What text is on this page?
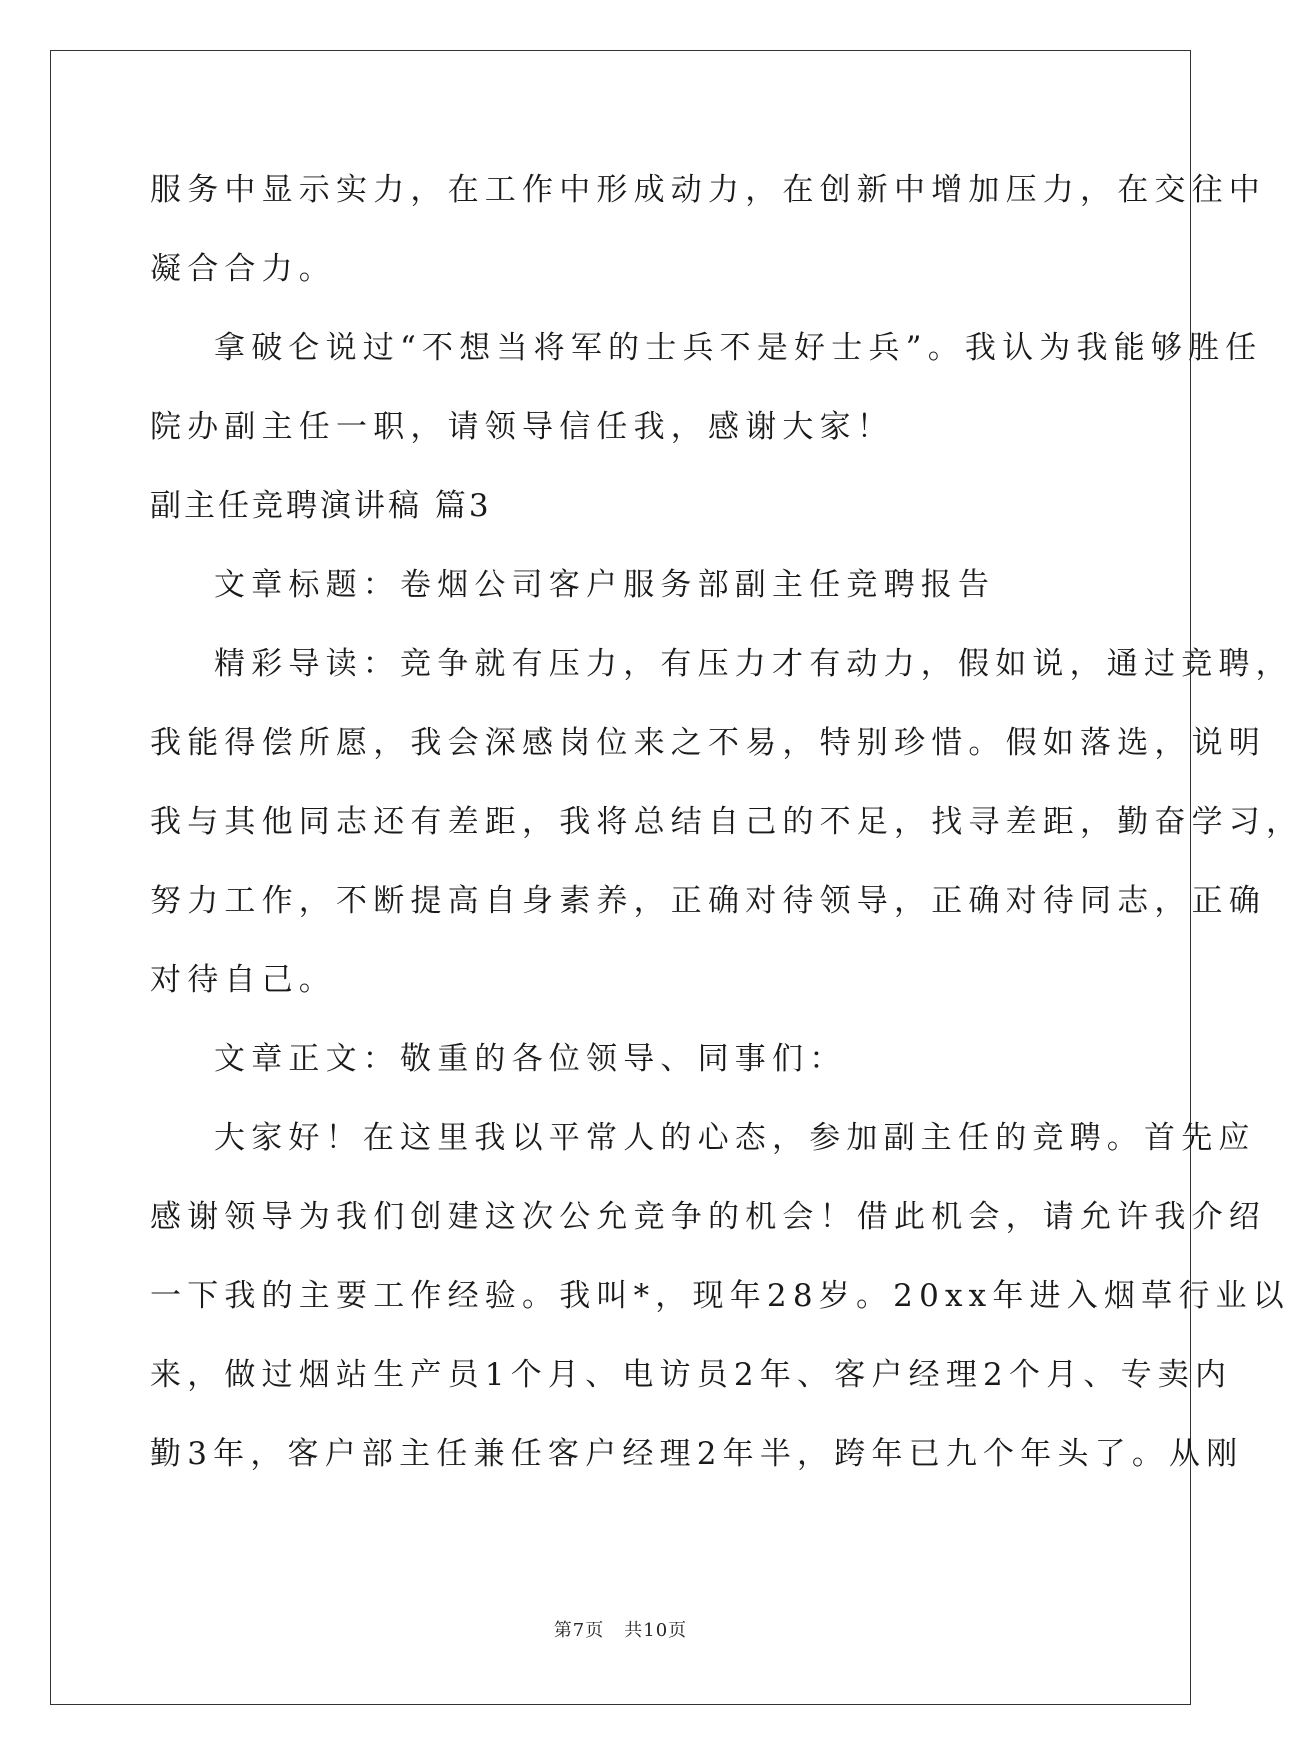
服务中显示实力，在工作中形成动力，在创新中增加压力，在交往中
凝合合力。
拿破仑说过“不想当将军的士兵不是好士兵”。我认为我能够胜任
院办副主任一职，请领导信任我，感谢大家！
副主任竞聘演讲稿 篇3
文章标题：卷烟公司客户服务部副主任竞聘报告
精彩导读：竞争就有压力，有压力才有动力，假如说，通过竞聘，
我能得偿所愿，我会深感岗位来之不易，特别珍惜。假如落选，说明
我与其他同志还有差距，我将总结自己的不足，找寻差距，勤奋学习，
努力工作，不断提高自身素养，正确对待领导，正确对待同志，正确
对待自己。
文章正文：敬重的各位领导、同事们：
大家好！在这里我以平常人的心态，参加副主任的竞聘。首先应
感谢领导为我们创建这次公允竞争的机会！借此机会，请允许我介绍
一下我的主要工作经验。我叫*，现年28岁。20xx年进入烟草行业以
来，做过烟站生产员1个月、电访员2年、客户经理2个月、专卖内
勤3年，客户部主任兼任客户经理2年半，跨年已九个年头了。从刚
第7页 共10页
